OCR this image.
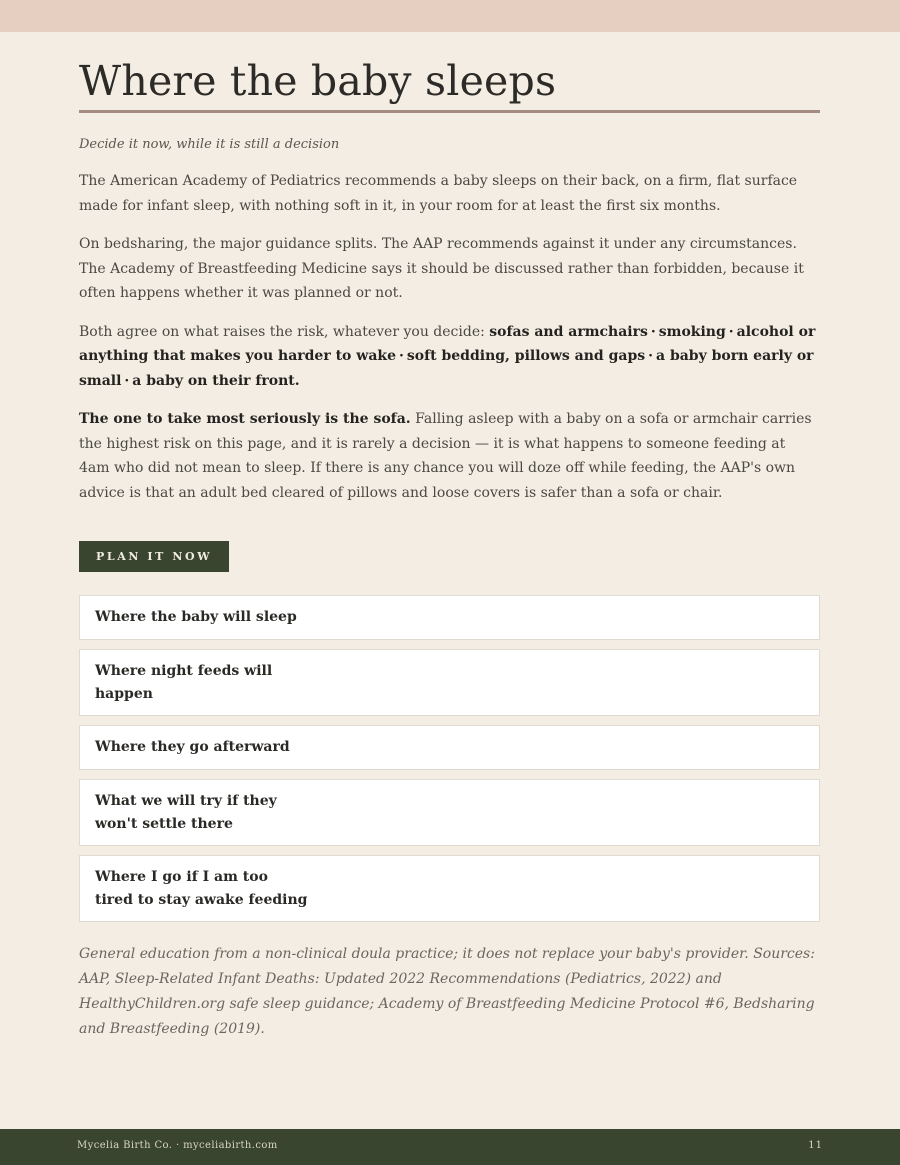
Where the baby sleeps
Decide it now, while it is still a decision

The American Academy of Pediatrics recommends a baby sleeps on their back, on a firm, flat surface made for infant sleep, with nothing soft in it, in your room for at least the first six months.

On bedsharing, the major guidance splits. The AAP recommends against it under any circumstances. The Academy of Breastfeeding Medicine says it should be discussed rather than forbidden, because it often happens whether it was planned or not.

Both agree on what raises the risk, whatever you decide: sofas and armchairs · smoking · alcohol or anything that makes you harder to wake · soft bedding, pillows and gaps · a baby born early or small · a baby on their front.

The one to take most seriously is the sofa. Falling asleep with a baby on a sofa or armchair carries the highest risk on this page, and it is rarely a decision — it is what happens to someone feeding at 4am who did not mean to sleep. If there is any chance you will doze off while feeding, the AAP's own advice is that an adult bed cleared of pillows and loose covers is safer than a sofa or chair.

PLAN IT NOW
Where the baby will sleep
Where night feeds will happen
Where they go afterward
What we will try if they won't settle there
Where I go if I am too tired to stay awake feeding

General education from a non-clinical doula practice; it does not replace your baby's provider. Sources: AAP, Sleep-Related Infant Deaths: Updated 2022 Recommendations (Pediatrics, 2022) and HealthyChildren.org safe sleep guidance; Academy of Breastfeeding Medicine Protocol #6, Bedsharing and Breastfeeding (2019).

Mycelia Birth Co. · myceliabirth.com	11
